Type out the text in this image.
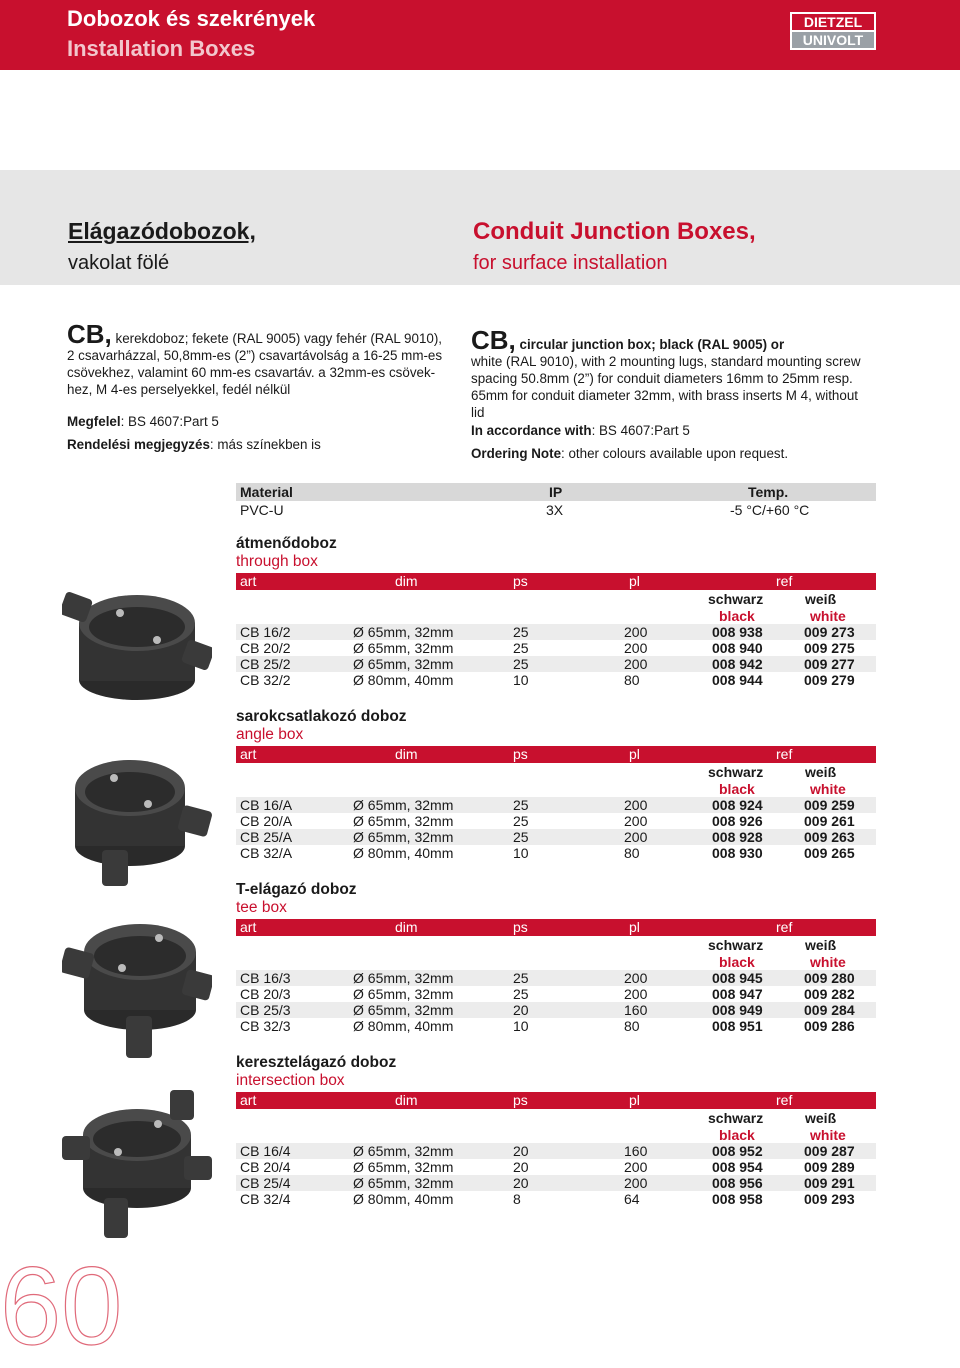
Dobozok és szekrények
Installation Boxes
DIETZEL
UNIVOLT
Elágazódobozok,
vakolat fölé
Conduit Junction Boxes,
for surface installation
CB, kerekdoboz; fekete (RAL 9005) vagy fehér (RAL 9010),
2 csavarházzal, 50,8mm-es (2”) csavartávolság a 16-25 mm-es
csövekhez, valamint 60 mm-es csavartáv. a 32mm-es csövek-
hez, M 4-es perselyekkel, fedél nélkül
Megfelel: BS 4607:Part 5
Rendelési megjegyzés: más színekben is
CB, circular junction box; black (RAL 9005) or
white (RAL 9010), with 2 mounting lugs, standard mounting screw
spacing 50.8mm (2”) for conduit diameters 16mm to 25mm resp.
65mm for conduit diameter 32mm, with brass inserts M 4, without
lid
In accordance with: BS 4607:Part 5
Ordering Note: other colours available upon request.
Material	IP	Temp.
PVC-U	3X	-5 °C/+60 °C
átmenődoboz
through box
art	dim	ps	pl	ref
schwarz	weiß
black	white
CB 16/2	Ø 65mm, 32mm	25	200	008 938	009 273
CB 20/2	Ø 65mm, 32mm	25	200	008 940	009 275
CB 25/2	Ø 65mm, 32mm	25	200	008 942	009 277
CB 32/2	Ø 80mm, 40mm	10	80	008 944	009 279
sarokcsatlakozó doboz
angle box
art	dim	ps	pl	ref
schwarz	weiß
black	white
CB 16/A	Ø 65mm, 32mm	25	200	008 924	009 259
CB 20/A	Ø 65mm, 32mm	25	200	008 926	009 261
CB 25/A	Ø 65mm, 32mm	25	200	008 928	009 263
CB 32/A	Ø 80mm, 40mm	10	80	008 930	009 265
T-elágazó doboz
tee box
art	dim	ps	pl	ref
schwarz	weiß
black	white
CB 16/3	Ø 65mm, 32mm	25	200	008 945	009 280
CB 20/3	Ø 65mm, 32mm	25	200	008 947	009 282
CB 25/3	Ø 65mm, 32mm	20	160	008 949	009 284
CB 32/3	Ø 80mm, 40mm	10	80	008 951	009 286
keresztelágazó doboz
intersection box
art	dim	ps	pl	ref
schwarz	weiß
black	white
CB 16/4	Ø 65mm, 32mm	20	160	008 952	009 287
CB 20/4	Ø 65mm, 32mm	20	200	008 954	009 289
CB 25/4	Ø 65mm, 32mm	20	200	008 956	009 291
CB 32/4	Ø 80mm, 40mm	8	64	008 958	009 293
60
